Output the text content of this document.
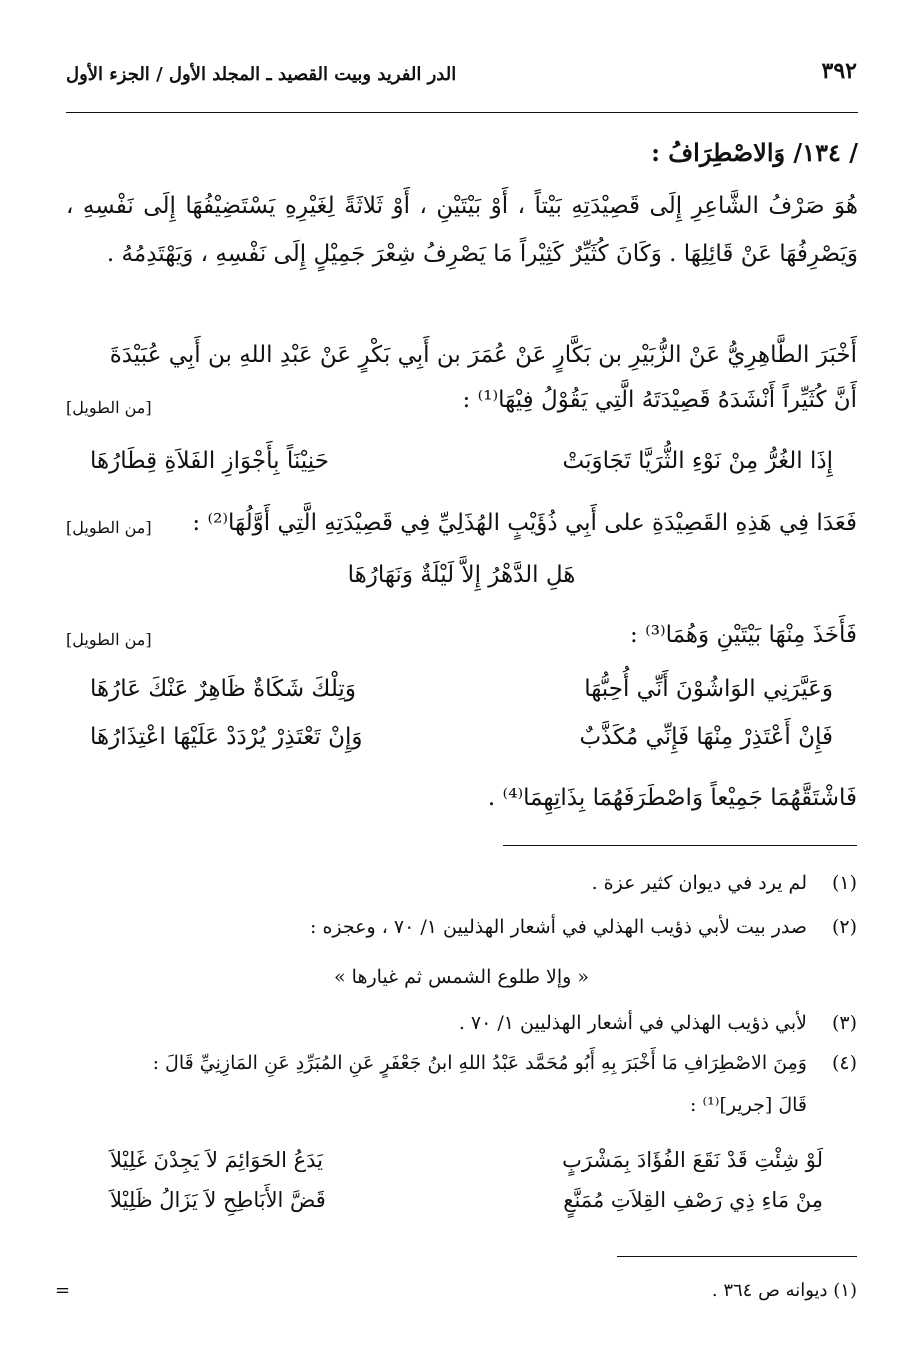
٣٩٢
الدر الفريد وبيت القصيد ـ المجلد الأول / الجزء الأول
/ ١٣٤/ وَالاصْطِرَافُ :
هُوَ صَرْفُ الشَّاعِرِ إِلَى قَصِيْدَتِهِ بَيْتاً ، أَوْ بَيْتَيْنِ ، أَوْ ثَلاثَةً لِغَيْرِهِ يَسْتَضِيْفُهَا إِلَى نَفْسِهِ ، وَيَصْرِفُهَا عَنْ قَائِلِهَا . وَكَانَ كُثَيِّرٌ كَثِيْراً مَا يَصْرِفُ شِعْرَ جَمِيْلٍ إِلَى نَفْسِهِ ، وَيَهْتَدِمُهُ .
أَخْبَرَ الطَّاهِرِيُّ عَنْ الزُّبَيْرِ بن بَكَّارٍ عَنْ عُمَرَ بن أَبِي بَكْرٍ عَنْ عَبْدِ اللهِ بن أَبِي عُبَيْدَةَ
أَنَّ كُثَيِّراً أَنْشَدَهُ قَصِيْدَتَهُ الَّتِي يَقُوْلُ فِيْهَا⁽¹⁾ :
[من الطويل]
إِذَا الغُرُّ مِنْ نَوْءِ الثُّرَيَّا تَجَاوَبَتْ
حَنِيْنَاً بِأَجْوَازِ الفَلاَةِ قِطَارُهَا
فَعَدَا فِي هَذِهِ القَصِيْدَةِ على أَبِي ذُؤَيْبٍ الهُذَلِيِّ فِي قَصِيْدَتِهِ الَّتِي أَوَّلُهَا⁽²⁾ :
[من الطويل]
هَلِ الدَّهْرُ إِلاَّ لَيْلَةٌ وَنَهَارُهَا
فَأَخَذَ مِنْهَا بَيْتَيْنِ وَهُمَا⁽³⁾ :
[من الطويل]
وَعَيَّرَنِي الوَاشُوْنَ أَنِّي أُحِبُّهَا
وَتِلْكَ شَكَاةٌ ظَاهِرٌ عَنْكَ عَارُهَا
فَإِنْ أَعْتَذِرْ مِنْهَا فَإِنِّي مُكَذَّبٌ
وَإِنْ تَعْتَذِرْ يُرْدَدْ عَلَيْهَا اعْتِذَارُهَا
فَاشْتَقَّهُمَا جَمِيْعاً وَاصْطَرَفَهُمَا بِذَاتِهِمَا⁽⁴⁾ .
(١)
لم يرد في ديوان كثير عزة .
(٢)
صدر بيت لأبي ذؤيب الهذلي في أشعار الهذليين ١/ ٧٠ ، وعجزه :
« وإلا طلوع الشمس ثم غيارها »
(٣)
لأبي ذؤيب الهذلي في أشعار الهذليين ١/ ٧٠ .
(٤)
وَمِنَ الاصْطِرَافِ مَا أَخْبَرَ بِهِ أَبُو مُحَمَّد عَبْدُ اللهِ ابنُ جَعْفَرٍ عَنِ المُبَرِّدِ عَنِ المَازِنِيِّ قَالَ :
قَالَ [جرير]⁽¹⁾ :
لَوْ شِئْتِ قَدْ نَقَعَ الفُؤَادَ بِمَشْرَبٍ
يَدَعُ الحَوَائِمَ لاَ يَجِدْنَ غَلِيْلاَ
مِنْ مَاءِ ذِي رَصْفِ القِلاَتِ مُمَنَّعٍ
قَضَّ الأَبَاطِحِ لاَ يَزَالُ ظَلِيْلاَ
(١) ديوانه ص ٣٦٤ .
=
